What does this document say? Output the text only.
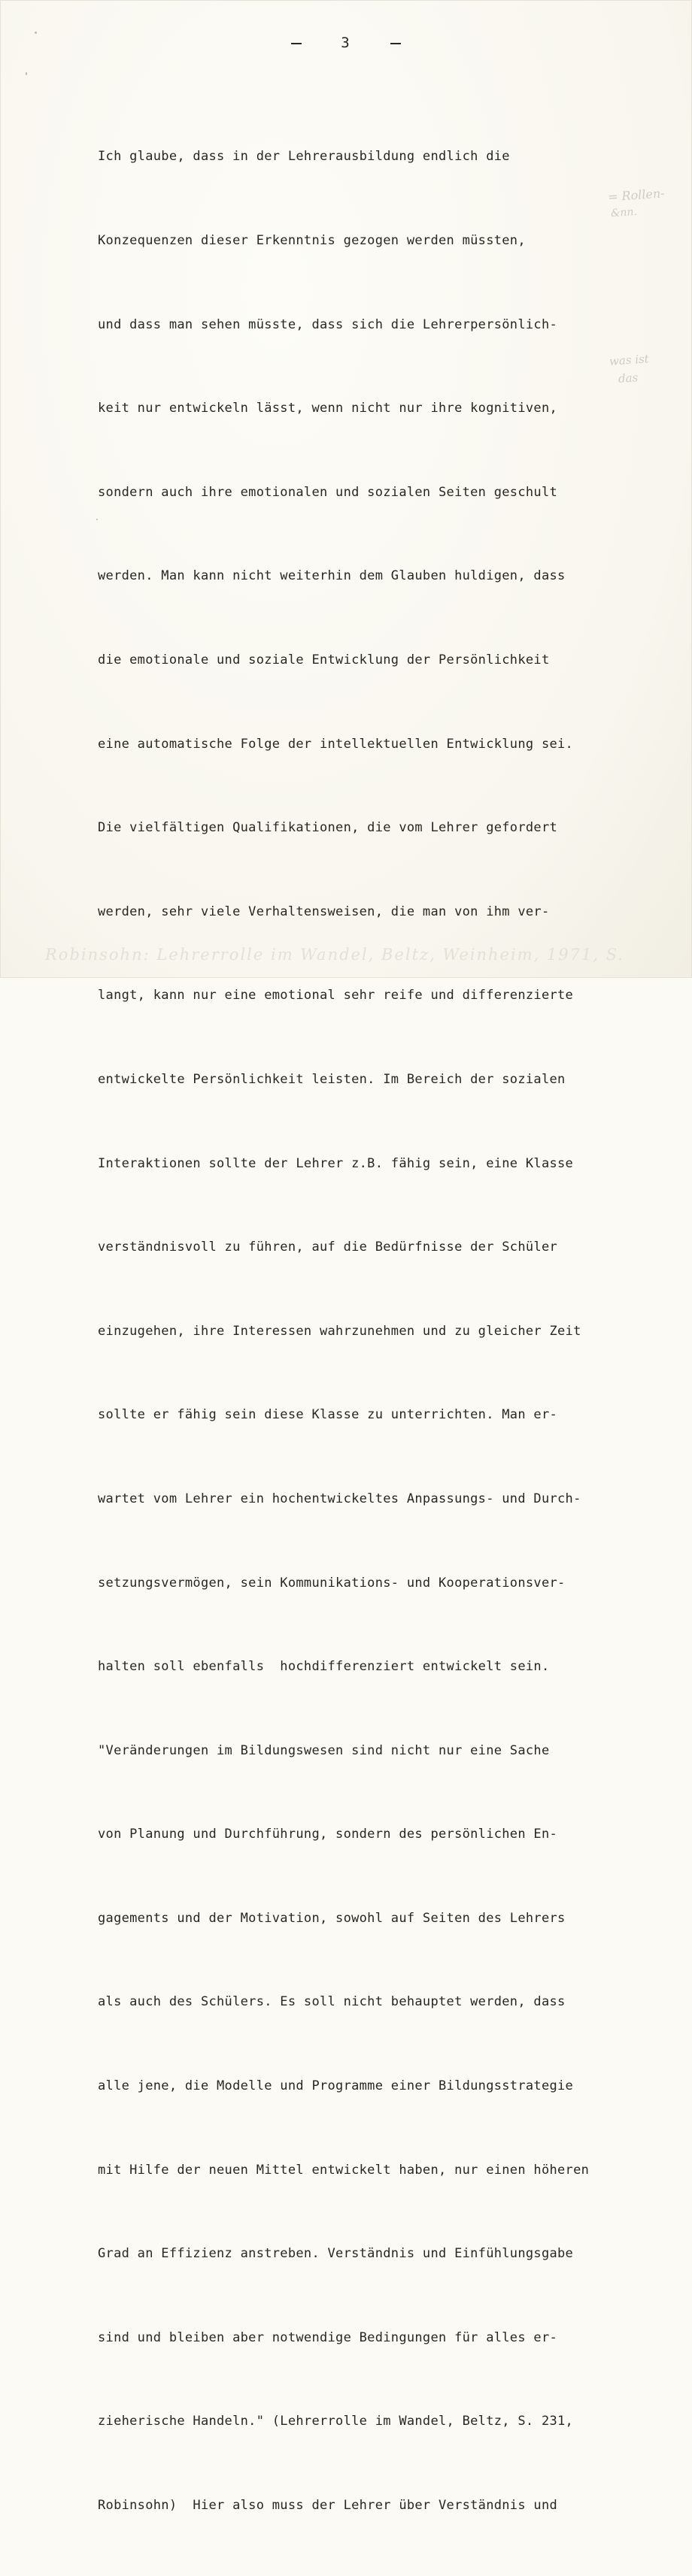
3

Ich glaube, dass in der Lehrerausbildung endlich die

Konzequenzen dieser Erkenntnis gezogen werden müssten,

und dass man sehen müsste, dass sich die Lehrerpersönlich-

keit nur entwickeln lässt, wenn nicht nur ihre kognitiven,

sondern auch ihre emotionalen und sozialen Seiten geschult

werden. Man kann nicht weiterhin dem Glauben huldigen, dass

die emotionale und soziale Entwicklung der Persönlichkeit

eine automatische Folge der intellektuellen Entwicklung sei.

Die vielfältigen Qualifikationen, die vom Lehrer gefordert

werden, sehr viele Verhaltensweisen, die man von ihm ver-

langt, kann nur eine emotional sehr reife und differenzierte

entwickelte Persönlichkeit leisten. Im Bereich der sozialen

Interaktionen sollte der Lehrer z.B. fähig sein, eine Klasse

verständnisvoll zu führen, auf die Bedürfnisse der Schüler

einzugehen, ihre Interessen wahrzunehmen und zu gleicher Zeit

sollte er fähig sein diese Klasse zu unterrichten. Man er-

wartet vom Lehrer ein hochentwickeltes Anpassungs- und Durch-

setzungsvermögen, sein Kommunikations- und Kooperationsver-

halten soll ebenfalls  hochdifferenziert entwickelt sein.

"Veränderungen im Bildungswesen sind nicht nur eine Sache

von Planung und Durchführung, sondern des persönlichen En-

gagements und der Motivation, sowohl auf Seiten des Lehrers

als auch des Schülers. Es soll nicht behauptet werden, dass

alle jene, die Modelle und Programme einer Bildungsstrategie

mit Hilfe der neuen Mittel entwickelt haben, nur einen höheren

Grad an Effizienz anstreben. Verständnis und Einfühlungsgabe

sind und bleiben aber notwendige Bedingungen für alles er-

zieherische Handeln." (Lehrerrolle im Wandel, Beltz, S. 231,

Robinsohn)  Hier also muss der Lehrer über Verständnis und

= Rollen-
&nn.
was ist
das
Robinsohn: Lehrerrolle im Wandel, Beltz, Weinheim, 1971, S.
